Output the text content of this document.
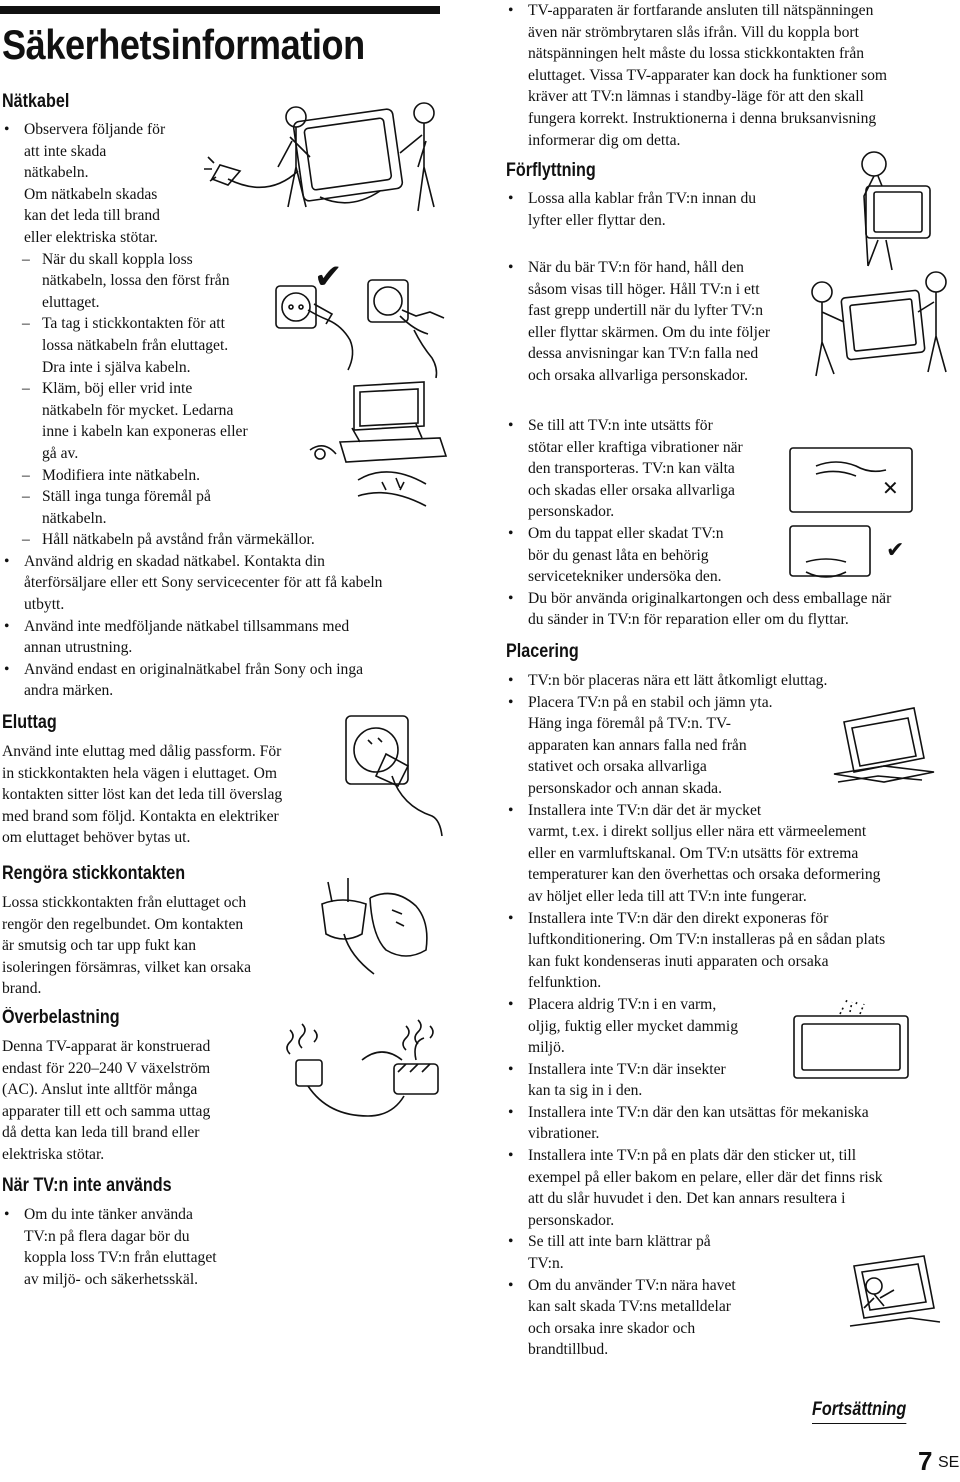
Säkerhetsinformation
Nätkabel
• Observera följande för
att inte skada
nätkabeln.
Om nätkabeln skadas
kan det leda till brand
eller elektriska stötar.
– När du skall koppla loss
nätkabeln, lossa den först från
eluttaget.
– Ta tag i stickkontakten för att
lossa nätkabeln från eluttaget.
Dra inte i själva kabeln.
– Kläm, böj eller vrid inte
nätkabeln för mycket. Ledarna
inne i kabeln kan exponeras eller
gå av.
– Modifiera inte nätkabeln.
– Ställ inga tunga föremål på
nätkabeln.
– Håll nätkabeln på avstånd från värmekällor.
• Använd aldrig en skadad nätkabel. Kontakta din
återförsäljare eller ett Sony servicecenter för att få kabeln
utbytt.
• Använd inte medföljande nätkabel tillsammans med
annan utrustning.
• Använd endast en originalnätkabel från Sony och inga
andra märken.
Eluttag
Använd inte eluttag med dålig passform. För
in stickkontakten hela vägen i eluttaget. Om
kontakten sitter löst kan det leda till överslag
med brand som följd. Kontakta en elektriker
om eluttaget behöver bytas ut.
Rengöra stickkontakten
Lossa stickkontakten från eluttaget och
rengör den regelbundet. Om kontakten
är smutsig och tar upp fukt kan
isoleringen försämras, vilket kan orsaka
brand.
Överbelastning
Denna TV-apparat är konstruerad
endast för 220–240 V växelström
(AC). Anslut inte alltför många
apparater till ett och samma uttag
då detta kan leda till brand eller
elektriska stötar.
När TV:n inte används
• Om du inte tänker använda
TV:n på flera dagar bör du
koppla loss TV:n från eluttaget
av miljö- och säkerhetsskäl.
• TV-apparaten är fortfarande ansluten till nätspänningen
även när strömbrytaren slås ifrån. Vill du koppla bort
nätspänningen helt måste du lossa stickkontakten från
eluttaget. Vissa TV-apparater kan dock ha funktioner som
kräver att TV:n lämnas i standby-läge för att den skall
fungera korrekt. Instruktionerna i denna bruksanvisning
informerar dig om detta.
Förflyttning
• Lossa alla kablar från TV:n innan du
lyfter eller flyttar den.
• När du bär TV:n för hand, håll den
såsom visas till höger. Håll TV:n i ett
fast grepp undertill när du lyfter TV:n
eller flyttar skärmen. Om du inte följer
dessa anvisningar kan TV:n falla ned
och orsaka allvarliga personskador.
• Se till att TV:n inte utsätts för
stötar eller kraftiga vibrationer när
den transporteras. TV:n kan välta
och skadas eller orsaka allvarliga
personskador.
• Om du tappat eller skadat TV:n
bör du genast låta en behörig
servicetekniker undersöka den.
• Du bör använda originalkartongen och dess emballage när
du sänder in TV:n för reparation eller om du flyttar.
Placering
• TV:n bör placeras nära ett lätt åtkomligt eluttag.
• Placera TV:n på en stabil och jämn yta.
Häng inga föremål på TV:n. TV-
apparaten kan annars falla ned från
stativet och orsaka allvarliga
personskador och annan skada.
• Installera inte TV:n där det är mycket
varmt, t.ex. i direkt solljus eller nära ett värmeelement
eller en varmluftskanal. Om TV:n utsätts för extrema
temperaturer kan den överhettas och orsaka deformering
av höljet eller leda till att TV:n inte fungerar.
• Installera inte TV:n där den direkt exponeras för
luftkonditionering. Om TV:n installeras på en sådan plats
kan fukt kondenseras inuti apparaten och orsaka
felfunktion.
• Placera aldrig TV:n i en varm,
oljig, fuktig eller mycket dammig
miljö.
• Installera inte TV:n där insekter
kan ta sig in i den.
• Installera inte TV:n där den kan utsättas för mekaniska
vibrationer.
• Installera inte TV:n på en plats där den sticker ut, till
exempel på eller bakom en pelare, eller där det finns risk
att du slår huvudet i den. Det kan annars resultera i
personskador.
• Se till att inte barn klättrar på
TV:n.
• Om du använder TV:n nära havet
kan salt skada TV:ns metalldelar
och orsaka inre skador och
brandtillbud.
✔
✕
✔
Fortsättning
7 SE
